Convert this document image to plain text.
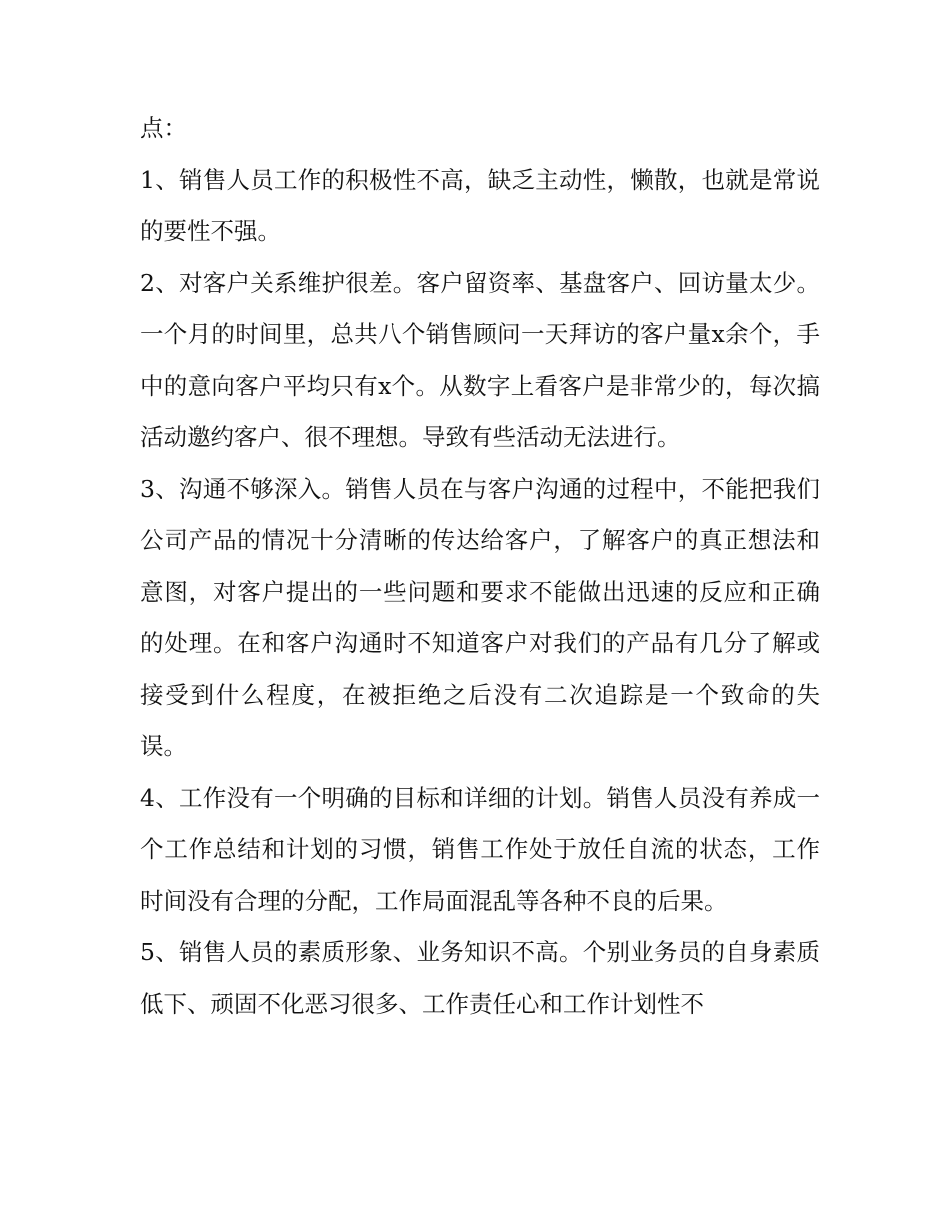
点：

1、销售人员工作的积极性不高，缺乏主动性，懒散，也就是常说的要性不强。

2、对客户关系维护很差。客户留资率、基盘客户、回访量太少。一个月的时间里，总共八个销售顾问一天拜访的客户量x余个，手中的意向客户平均只有x个。从数字上看客户是非常少的，每次搞活动邀约客户、很不理想。导致有些活动无法进行。

3、沟通不够深入。销售人员在与客户沟通的过程中，不能把我们公司产品的情况十分清晰的传达给客户，了解客户的真正想法和意图，对客户提出的一些问题和要求不能做出迅速的反应和正确的处理。在和客户沟通时不知道客户对我们的产品有几分了解或接受到什么程度，在被拒绝之后没有二次追踪是一个致命的失误。

4、工作没有一个明确的目标和详细的计划。销售人员没有养成一个工作总结和计划的习惯，销售工作处于放任自流的状态，工作时间没有合理的分配，工作局面混乱等各种不良的后果。

5、销售人员的素质形象、业务知识不高。个别业务员的自身素质低下、顽固不化恶习很多、工作责任心和工作计划性不
